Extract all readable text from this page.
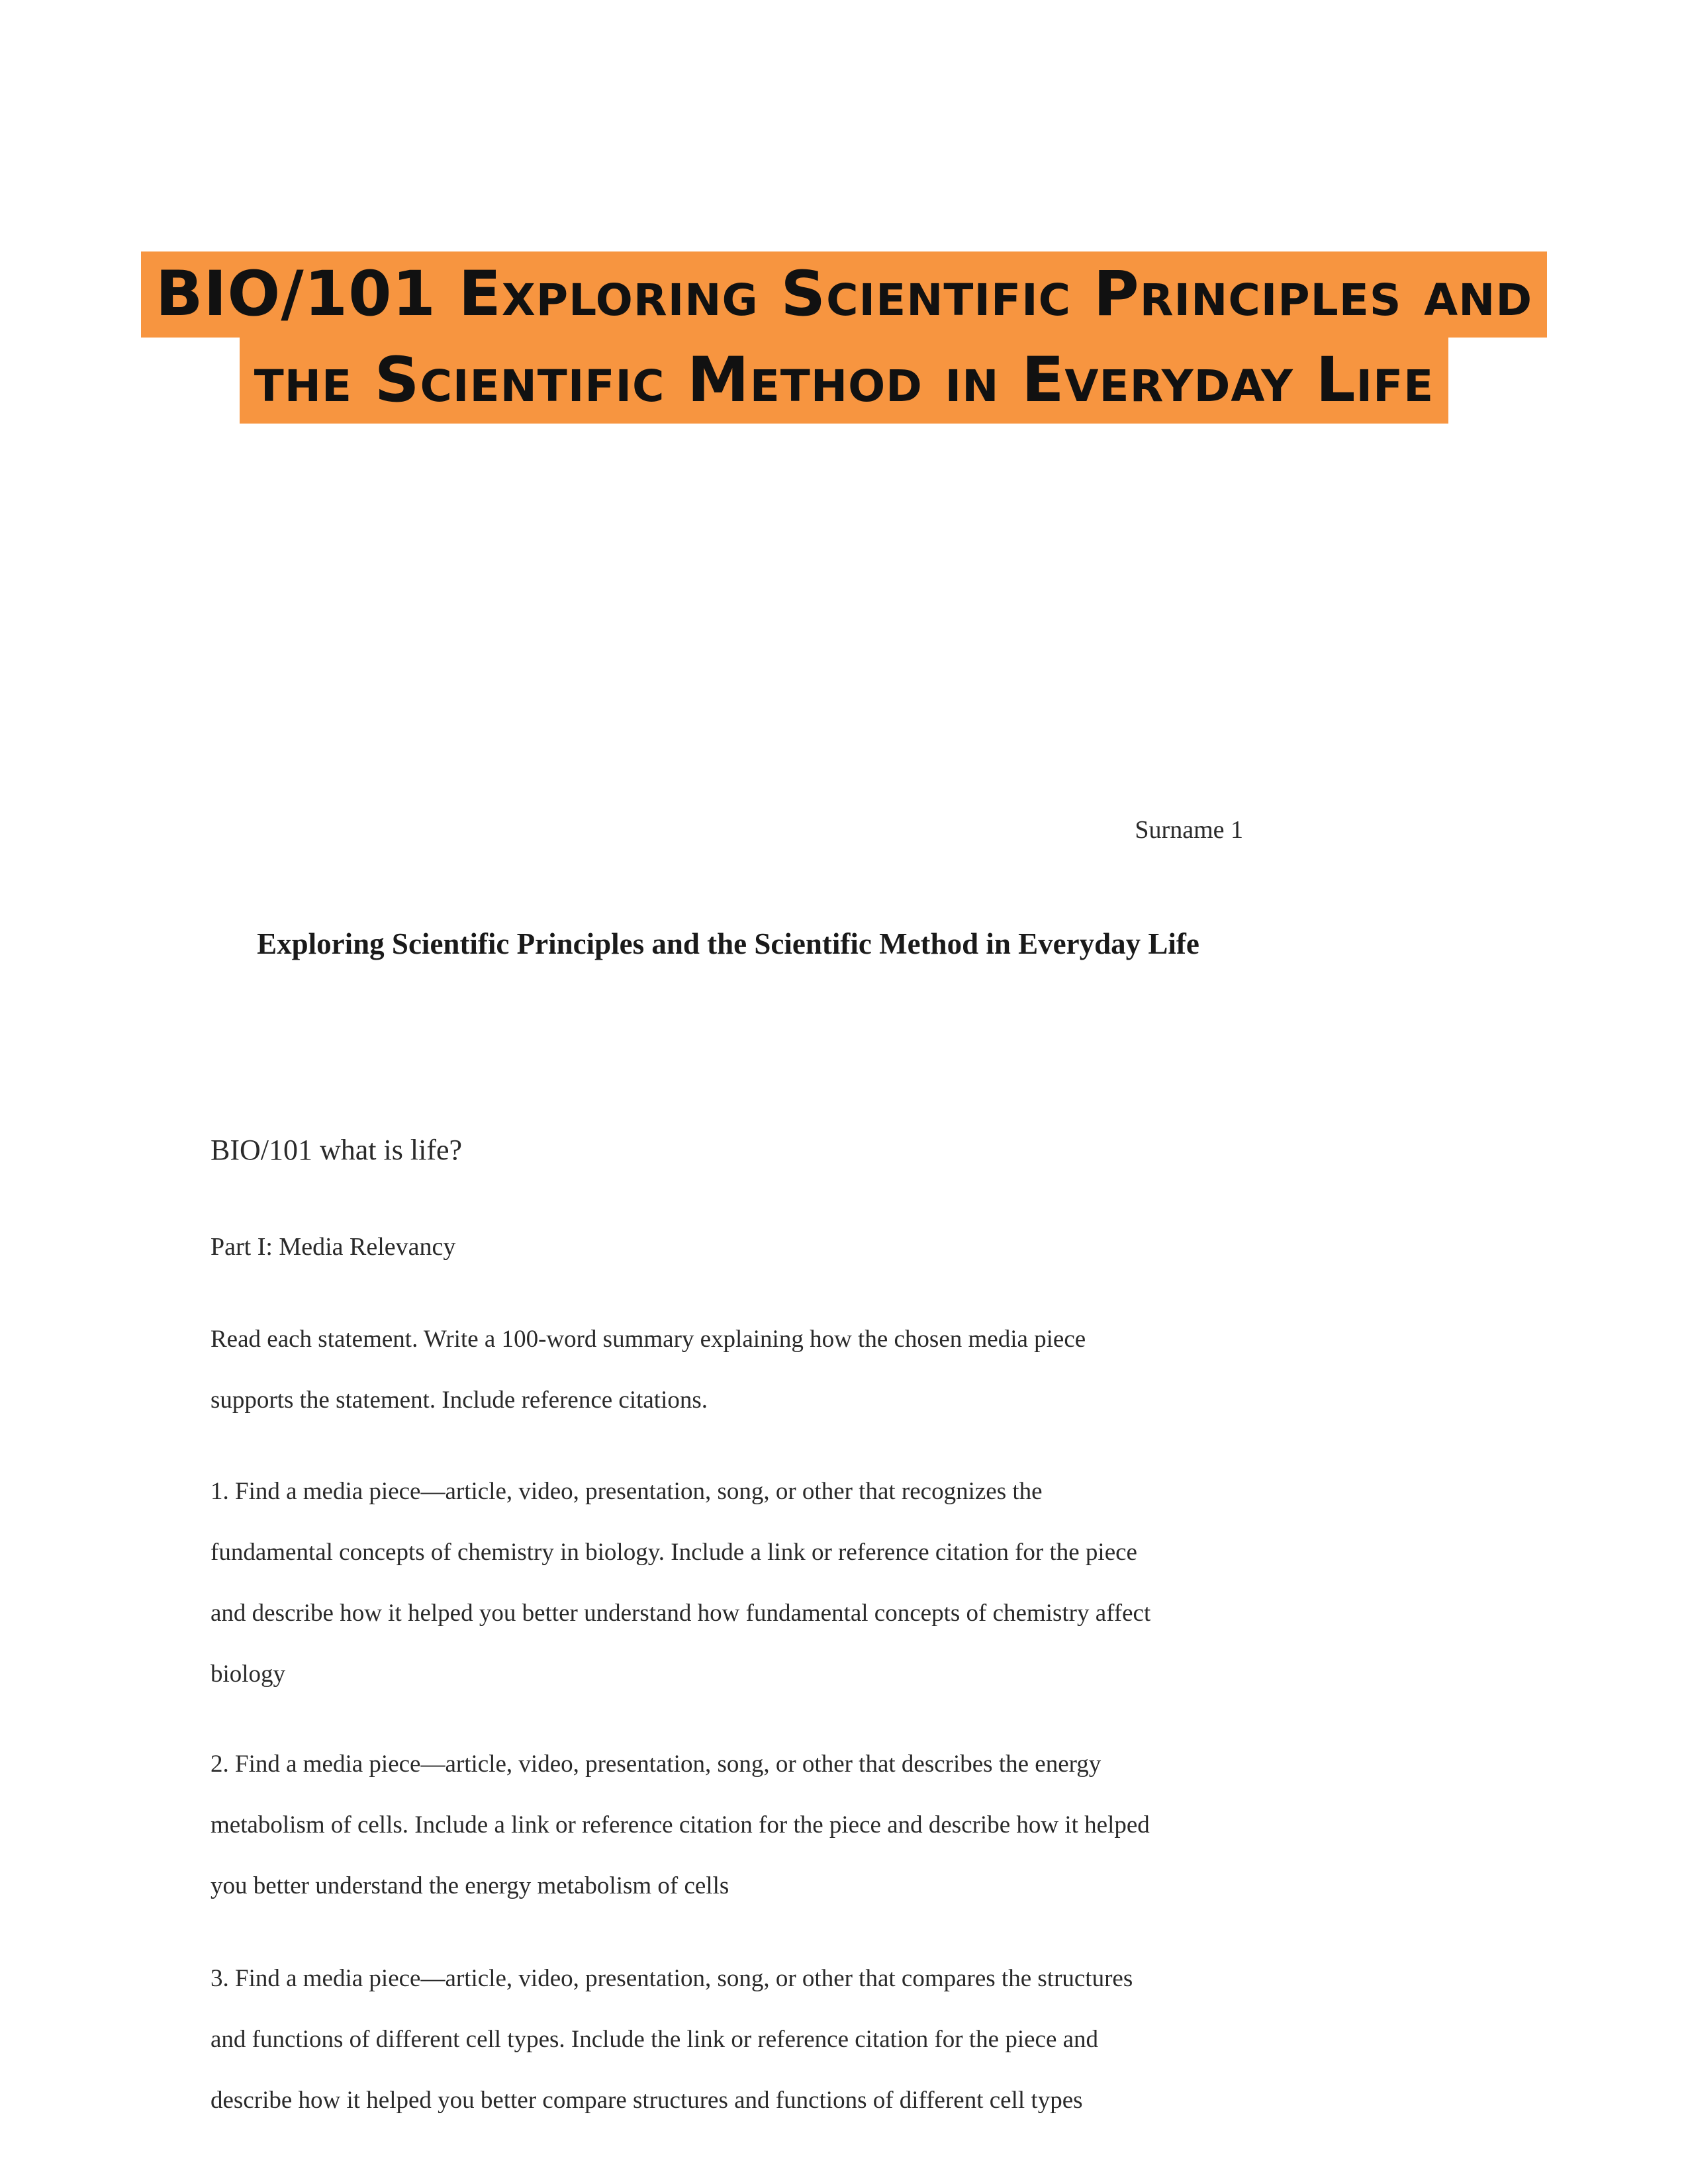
BIO/101 Exploring Scientific Principles and
the Scientific Method in Everyday Life
Surname 1
Exploring Scientific Principles and the Scientific Method in Everyday Life
BIO/101 what is life?
Part I: Media Relevancy

Read each statement. Write a 100-word summary explaining how the chosen media piece
supports the statement. Include reference citations.

1. Find a media piece—article, video, presentation, song, or other that recognizes the
fundamental concepts of chemistry in biology. Include a link or reference citation for the piece
and describe how it helped you better understand how fundamental concepts of chemistry affect
biology

2. Find a media piece—article, video, presentation, song, or other that describes the energy
metabolism of cells. Include a link or reference citation for the piece and describe how it helped
you better understand the energy metabolism of cells

3. Find a media piece—article, video, presentation, song, or other that compares the structures
and functions of different cell types. Include the link or reference citation for the piece and
describe how it helped you better compare structures and functions of different cell types
